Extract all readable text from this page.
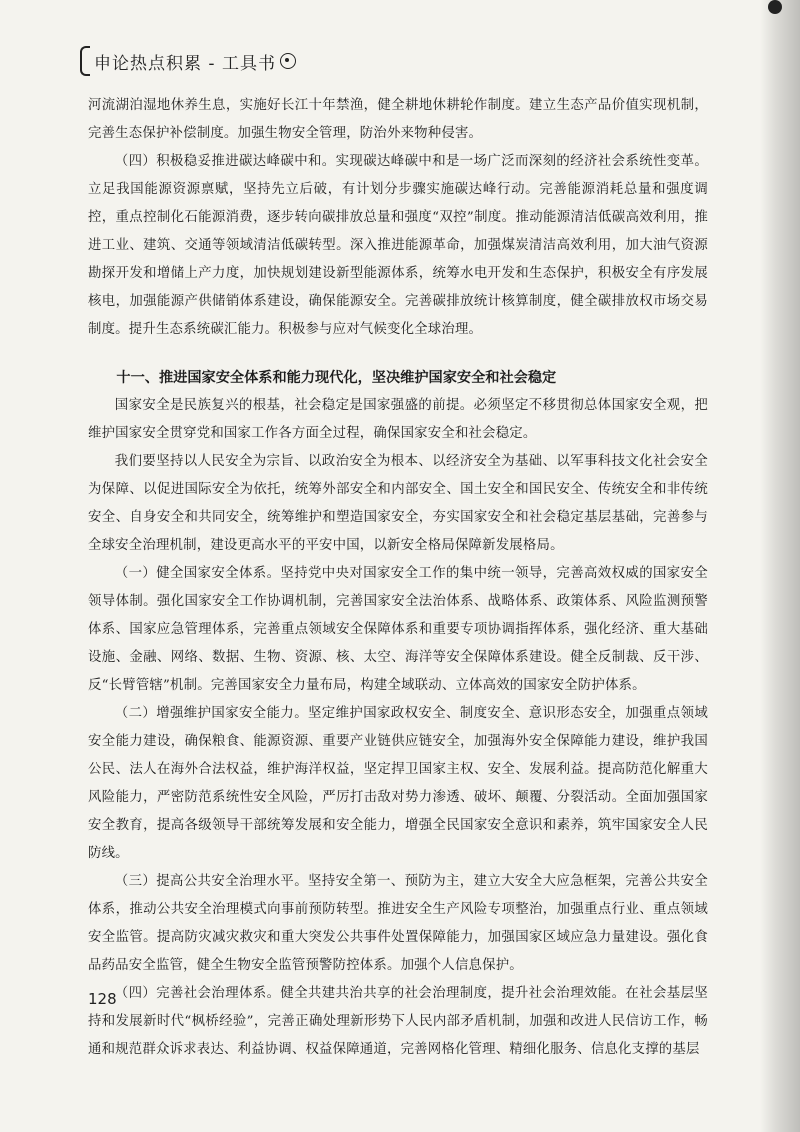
申论热点积累 - 工具书

河流湖泊湿地休养生息，实施好长江十年禁渔，健全耕地休耕轮作制度。建立生态产品价值实现机制，完善生态保护补偿制度。加强生物安全管理，防治外来物种侵害。

（四）积极稳妥推进碳达峰碳中和。实现碳达峰碳中和是一场广泛而深刻的经济社会系统性变革。立足我国能源资源禀赋，坚持先立后破，有计划分步骤实施碳达峰行动。完善能源消耗总量和强度调控，重点控制化石能源消费，逐步转向碳排放总量和强度“双控”制度。推动能源清洁低碳高效利用，推进工业、建筑、交通等领域清洁低碳转型。深入推进能源革命，加强煤炭清洁高效利用，加大油气资源勘探开发和增储上产力度，加快规划建设新型能源体系，统筹水电开发和生态保护，积极安全有序发展核电，加强能源产供储销体系建设，确保能源安全。完善碳排放统计核算制度，健全碳排放权市场交易制度。提升生态系统碳汇能力。积极参与应对气候变化全球治理。

十一、推进国家安全体系和能力现代化，坚决维护国家安全和社会稳定

国家安全是民族复兴的根基，社会稳定是国家强盛的前提。必须坚定不移贯彻总体国家安全观，把维护国家安全贯穿党和国家工作各方面全过程，确保国家安全和社会稳定。

我们要坚持以人民安全为宗旨、以政治安全为根本、以经济安全为基础、以军事科技文化社会安全为保障、以促进国际安全为依托，统筹外部安全和内部安全、国土安全和国民安全、传统安全和非传统安全、自身安全和共同安全，统筹维护和塑造国家安全，夯实国家安全和社会稳定基层基础，完善参与全球安全治理机制，建设更高水平的平安中国，以新安全格局保障新发展格局。

（一）健全国家安全体系。坚持党中央对国家安全工作的集中统一领导，完善高效权威的国家安全领导体制。强化国家安全工作协调机制，完善国家安全法治体系、战略体系、政策体系、风险监测预警体系、国家应急管理体系，完善重点领域安全保障体系和重要专项协调指挥体系，强化经济、重大基础设施、金融、网络、数据、生物、资源、核、太空、海洋等安全保障体系建设。健全反制裁、反干涉、反“长臂管辖”机制。完善国家安全力量布局，构建全域联动、立体高效的国家安全防护体系。

（二）增强维护国家安全能力。坚定维护国家政权安全、制度安全、意识形态安全，加强重点领域安全能力建设，确保粮食、能源资源、重要产业链供应链安全，加强海外安全保障能力建设，维护我国公民、法人在海外合法权益，维护海洋权益，坚定捍卫国家主权、安全、发展利益。提高防范化解重大风险能力，严密防范系统性安全风险，严厉打击敌对势力渗透、破坏、颠覆、分裂活动。全面加强国家安全教育，提高各级领导干部统筹发展和安全能力，增强全民国家安全意识和素养，筑牢国家安全人民防线。

（三）提高公共安全治理水平。坚持安全第一、预防为主，建立大安全大应急框架，完善公共安全体系，推动公共安全治理模式向事前预防转型。推进安全生产风险专项整治，加强重点行业、重点领域安全监管。提高防灾减灾救灾和重大突发公共事件处置保障能力，加强国家区域应急力量建设。强化食品药品安全监管，健全生物安全监管预警防控体系。加强个人信息保护。

（四）完善社会治理体系。健全共建共治共享的社会治理制度，提升社会治理效能。在社会基层坚持和发展新时代“枫桥经验”，完善正确处理新形势下人民内部矛盾机制，加强和改进人民信访工作，畅通和规范群众诉求表达、利益协调、权益保障通道，完善网格化管理、精细化服务、信息化支撑的基层

128
